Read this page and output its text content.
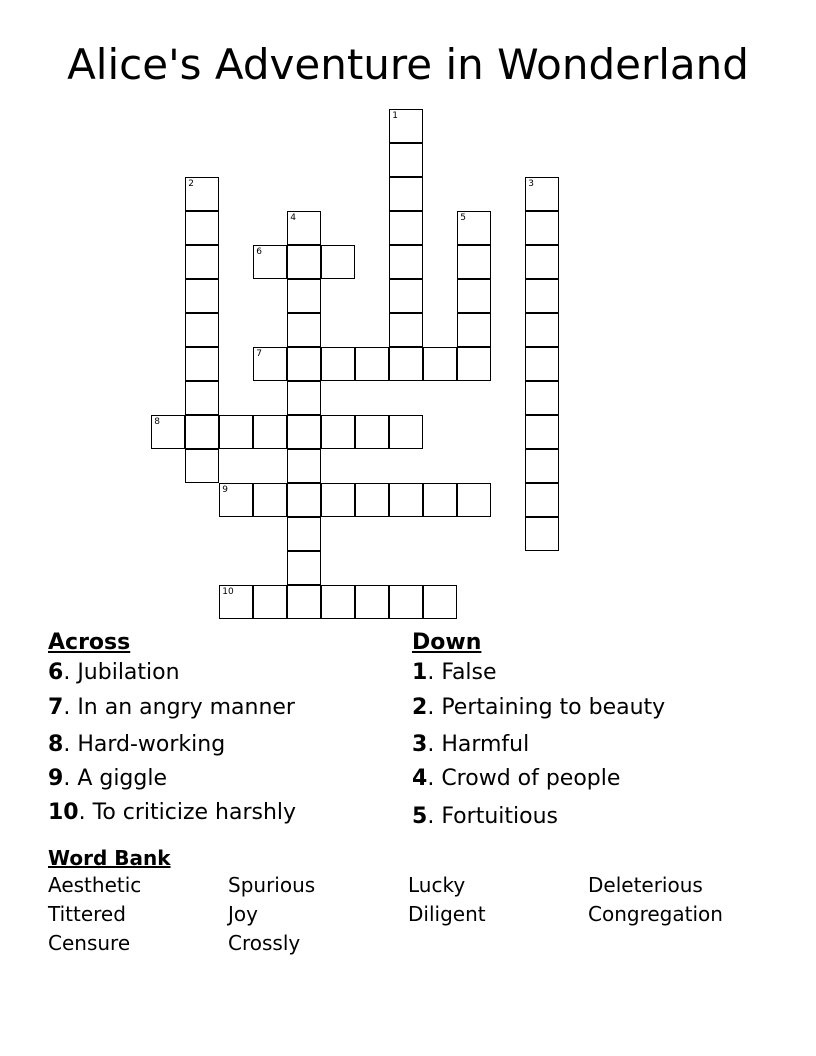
Alice's Adventure in Wonderland
1
2	3
4	5
6
7
8
9
10
Across	Down
6. Jubilation
7. In an angry manner
8. Hard-working
9. A giggle
10. To criticize harshly
1. False
2. Pertaining to beauty
3. Harmful
4. Crowd of people
5. Fortuitious
Word Bank
Aesthetic	Spurious	Lucky	Deleterious
Tittered	Joy	Diligent	Congregation
Censure	Crossly
